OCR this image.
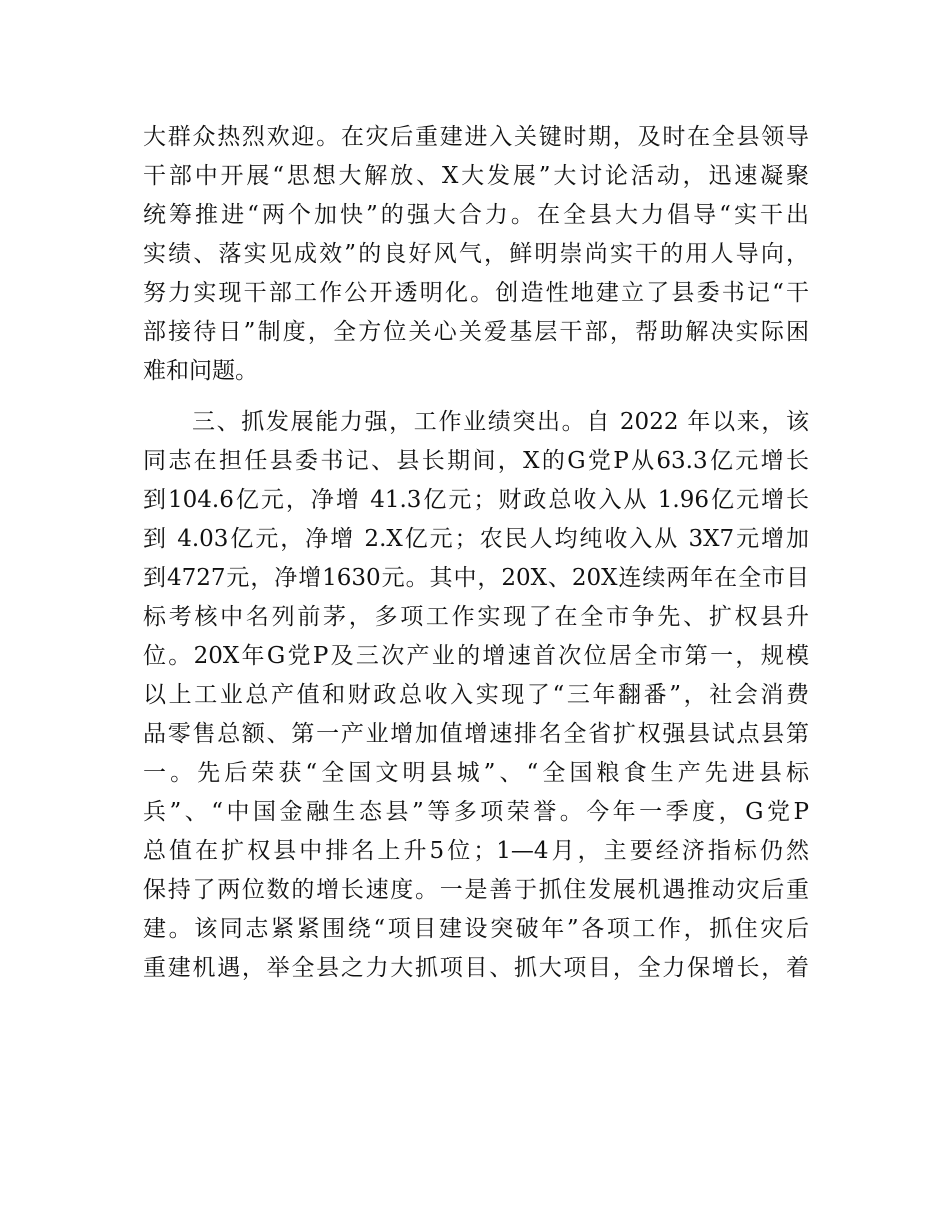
大群众热烈欢迎。在灾后重建进入关键时期，及时在全县领导
干部中开展“思想大解放、X大发展”大讨论活动，迅速凝聚
统筹推进“两个加快”的强大合力。在全县大力倡导“实干出
实绩、落实见成效”的良好风气，鲜明崇尚实干的用人导向，
努力实现干部工作公开透明化。创造性地建立了县委书记“干
部接待日”制度，全方位关心关爱基层干部，帮助解决实际困
难和问题。
三、抓发展能力强，工作业绩突出。自 2022 年以来，该
同志在担任县委书记、县长期间，X的G党P从63.3亿元增长
到104.6亿元，净增 41.3亿元；财政总收入从 1.96亿元增长
到 4.03亿元，净增 2.X亿元；农民人均纯收入从 3X7元增加
到4727元，净增1630元。其中，20X、20X连续两年在全市目
标考核中名列前茅，多项工作实现了在全市争先、扩权县升
位。20X年G党P及三次产业的增速首次位居全市第一，规模
以上工业总产值和财政总收入实现了“三年翻番”，社会消费
品零售总额、第一产业增加值增速排名全省扩权强县试点县第
一。先后荣获“全国文明县城”、“全国粮食生产先进县标
兵”、“中国金融生态县”等多项荣誉。今年一季度，G党P
总值在扩权县中排名上升5位；1—4月，主要经济指标仍然
保持了两位数的增长速度。一是善于抓住发展机遇推动灾后重
建。该同志紧紧围绕“项目建设突破年”各项工作，抓住灾后
重建机遇，举全县之力大抓项目、抓大项目，全力保增长，着
